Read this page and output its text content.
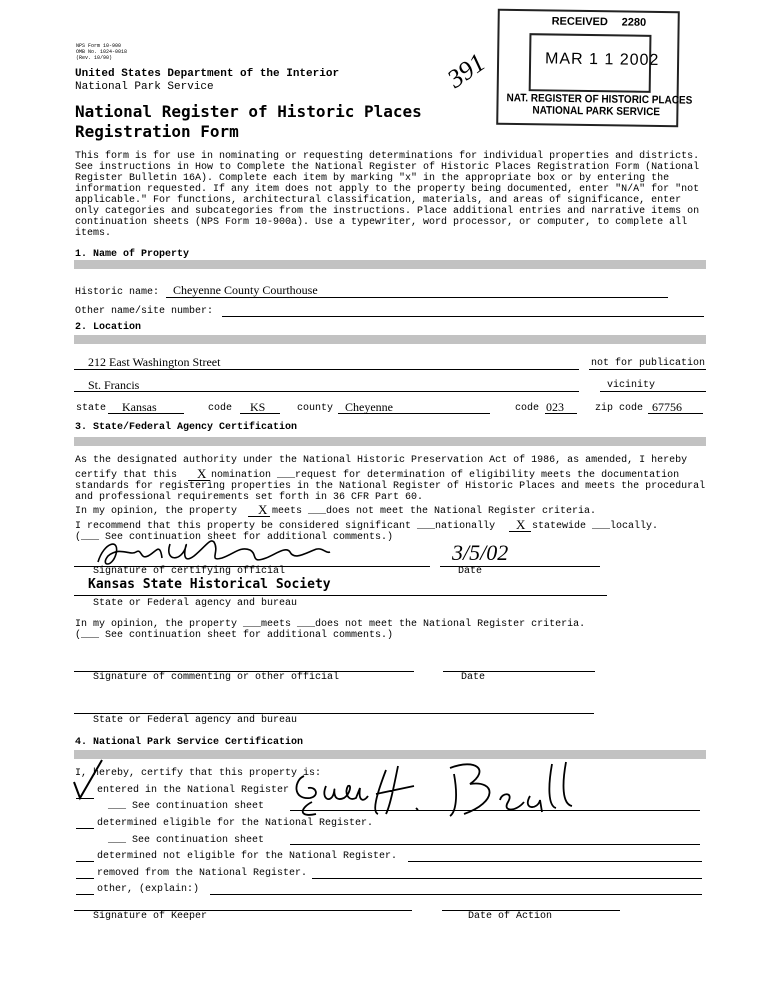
NPS Form 10-900
OMB No. 1024-0018
(Rev. 10/90)
United States Department of the Interior
National Park Service
National Register of Historic Places
Registration Form
391
RECEIVED 2280
MAR 1 1 2002
NAT. REGISTER OF HISTORIC PLACES
NATIONAL PARK SERVICE
This form is for use in nominating or requesting determinations for individual properties and districts.
See instructions in How to Complete the National Register of Historic Places Registration Form (National
Register Bulletin 16A). Complete each item by marking "x" in the appropriate box or by entering the
information requested. If any item does not apply to the property being documented, enter "N/A" for "not
applicable." For functions, architectural classification, materials, and areas of significance, enter
only categories and subcategories from the instructions. Place additional entries and narrative items on
continuation sheets (NPS Form 10-900a). Use a typewriter, word processor, or computer, to complete all
items.
1. Name of Property
Historic name: Cheyenne County Courthouse
Other name/site number:
2. Location
212 East Washington Street	not for publication
St. Francis	vicinity
state Kansas	code KS	county Cheyenne	code 023	zip code 67756
3. State/Federal Agency Certification
As the designated authority under the National Historic Preservation Act of 1986, as amended, I hereby
certify that this X nomination ___request for determination of eligibility meets the documentation
standards for registering properties in the National Register of Historic Places and meets the procedural
and professional requirements set forth in 36 CFR Part 60.
In my opinion, the property X meets ___does not meet the National Register criteria.
I recommend that this property be considered significant ___nationally X statewide ___locally.
(___ See continuation sheet for additional comments.)
Signature of certifying official
3/5/02
Date
Kansas State Historical Society
State or Federal agency and bureau
In my opinion, the property ___meets ___does not meet the National Register criteria.
(___ See continuation sheet for additional comments.)
Signature of commenting or other official	Date
State or Federal agency and bureau
4. National Park Service Certification
I, hereby, certify that this property is:
entered in the National Register
___ See continuation sheet
determined eligible for the National Register.
___ See continuation sheet
determined not eligible for the National Register.
removed from the National Register.
other, (explain:)
Signature of Keeper	Date of Action
